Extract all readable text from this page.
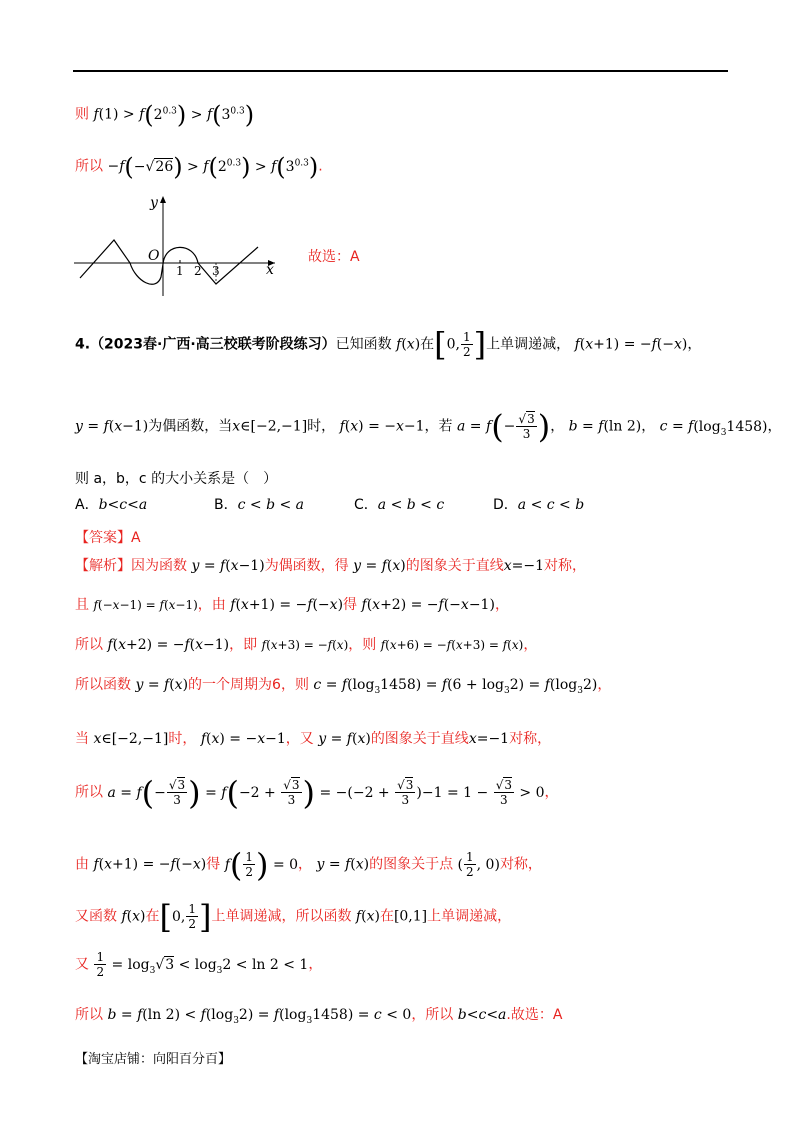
则 $f(1) > f(2^{0.3}) > f(3^{0.3})$
所以 $-f(-√26) > f(2^{0.3}) > f(3^{0.3})$.
y
x
O
1 2 3
故选：A
4.（2023春·广西·高三校联考阶段练习）已知函数 f(x)在[0, $\frac{1}{2}$ ]上单调递减， f(x+1) = −f(−x)，
y = f(x−1)为偶函数，当x∈[−2,−1]时， f(x) = −x−1，若 $a = f(- \frac{√3}{3}$ )， b = f(ln 2)， $c = f(\log_31458)$，
则 a，b，c 的大小关系是（　）
A．b<c<a	B．c < b < a	C．a < b < c	D．a < c < b
【答案】A
【解析】因为函数 y = f(x−1)为偶函数，得 y = f(x)的图象关于直线x=−1对称，
且 f(−x−1) = f(x−1)，由 f(x+1) = −f(−x)得 f(x+2) = −f(−x−1)，
所以 f(x+2) = −f(x−1)，即 f(x+3) = −f(x)，则 f(x+6) = −f(x+3) = f(x)，
所以函数 y = f(x)的一个周期为6，则 $c = f(\log_31458) = f(6 + \log_32) = f(\log_32)$，
当 x∈[−2,−1]时， f(x) = −x−1，又 y = f(x)的图象关于直线x=−1对称，
所以 $a = f(- \frac{√3}{3}$ ) = $f(-2 + \frac{√3}{3}$ ) = $-(-2 + \frac{√3}{3} )-1 = 1 - \frac{√3}{3} > 0$，
由 f(x+1) = −f(−x)得 $f( \frac{1}{2}$ ) = 0， y = f(x)的图象关于点 ( $\frac{1}{2}$ , 0)对称，
又函数 f(x)在[0, $\frac{1}{2}$ ]上单调递减，所以函数 f(x)在[0,1]上单调递减，
又 $\frac{1}{2} = \log_3√3 < \log_32 < \ln 2 < 1$，
所以 b = f(ln $2) < f(\log_32) = f(\log_31458) = c < 0$，所以 b<c<a.故选：A
【淘宝店铺：向阳百分百】
